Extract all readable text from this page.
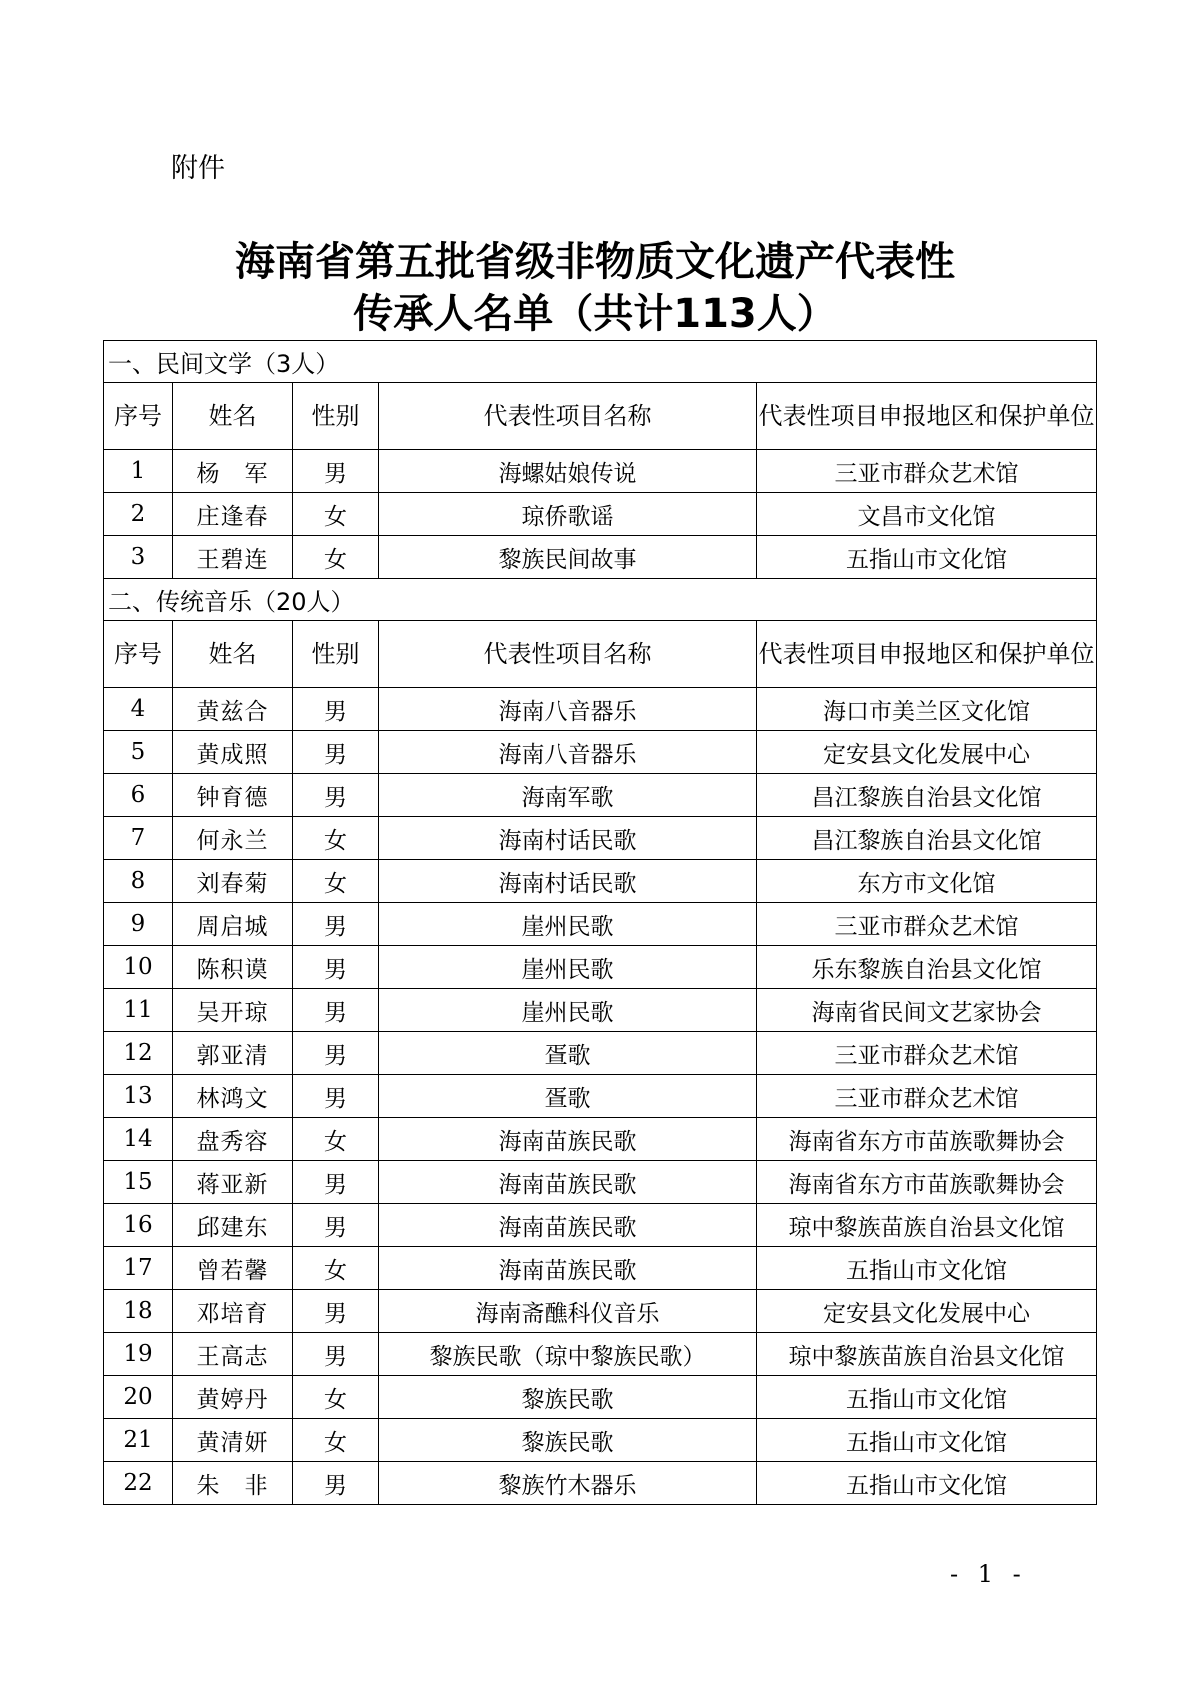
附件
海南省第五批省级非物质文化遗产代表性
传承人名单（共计113人）
一、民间文学（3人）				
序号	姓名	性别	代表性项目名称	代表性项目申报地区和保护单位
1	杨　军	男	海螺姑娘传说	三亚市群众艺术馆
2	庄逢春	女	琼侨歌谣	文昌市文化馆
3	王碧连	女	黎族民间故事	五指山市文化馆
二、传统音乐（20人）				
序号	姓名	性别	代表性项目名称	代表性项目申报地区和保护单位
4	黄兹合	男	海南八音器乐	海口市美兰区文化馆
5	黄成照	男	海南八音器乐	定安县文化发展中心
6	钟育德	男	海南军歌	昌江黎族自治县文化馆
7	何永兰	女	海南村话民歌	昌江黎族自治县文化馆
8	刘春菊	女	海南村话民歌	东方市文化馆
9	周启城	男	崖州民歌	三亚市群众艺术馆
10	陈积谟	男	崖州民歌	乐东黎族自治县文化馆
11	吴开琼	男	崖州民歌	海南省民间文艺家协会
12	郭亚清	男	疍歌	三亚市群众艺术馆
13	林鸿文	男	疍歌	三亚市群众艺术馆
14	盘秀容	女	海南苗族民歌	海南省东方市苗族歌舞协会
15	蒋亚新	男	海南苗族民歌	海南省东方市苗族歌舞协会
16	邱建东	男	海南苗族民歌	琼中黎族苗族自治县文化馆
17	曾若馨	女	海南苗族民歌	五指山市文化馆
18	邓培育	男	海南斋醮科仪音乐	定安县文化发展中心
19	王高志	男	黎族民歌（琼中黎族民歌）	琼中黎族苗族自治县文化馆
20	黄婷丹	女	黎族民歌	五指山市文化馆
21	黄清妍	女	黎族民歌	五指山市文化馆
22	朱　非	男	黎族竹木器乐	五指山市文化馆
- 1 -
